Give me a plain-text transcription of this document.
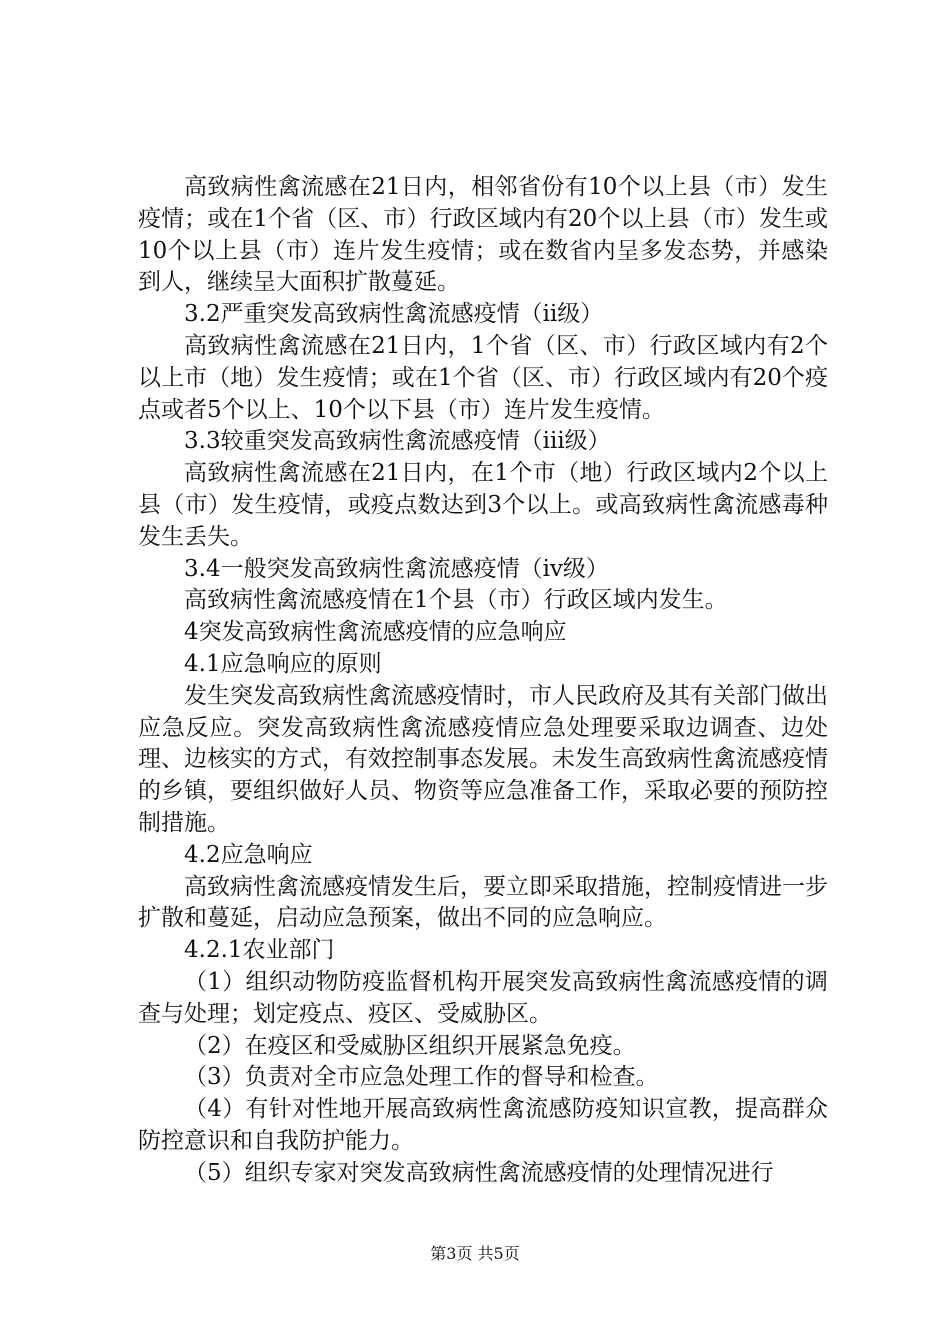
高致病性禽流感在21日内，相邻省份有10个以上县（市）发生疫情；或在1个省（区、市）行政区域内有20个以上县（市）发生或10个以上县（市）连片发生疫情；或在数省内呈多发态势，并感染到人，继续呈大面积扩散蔓延。

3.2严重突发高致病性禽流感疫情（ⅱ级）

高致病性禽流感在21日内，1个省（区、市）行政区域内有2个以上市（地）发生疫情；或在1个省（区、市）行政区域内有20个疫点或者5个以上、10个以下县（市）连片发生疫情。

3.3较重突发高致病性禽流感疫情（ⅲ级）

高致病性禽流感在21日内，在1个市（地）行政区域内2个以上县（市）发生疫情，或疫点数达到3个以上。或高致病性禽流感毒种发生丢失。

3.4一般突发高致病性禽流感疫情（ⅳ级）

高致病性禽流感疫情在1个县（市）行政区域内发生。

4突发高致病性禽流感疫情的应急响应

4.1应急响应的原则

发生突发高致病性禽流感疫情时，市人民政府及其有关部门做出应急反应。突发高致病性禽流感疫情应急处理要采取边调查、边处理、边核实的方式，有效控制事态发展。未发生高致病性禽流感疫情的乡镇，要组织做好人员、物资等应急准备工作，采取必要的预防控制措施。

4.2应急响应

高致病性禽流感疫情发生后，要立即采取措施，控制疫情进一步扩散和蔓延，启动应急预案，做出不同的应急响应。

4.2.1农业部门

（1）组织动物防疫监督机构开展突发高致病性禽流感疫情的调查与处理；划定疫点、疫区、受威胁区。

（2）在疫区和受威胁区组织开展紧急免疫。

（3）负责对全市应急处理工作的督导和检查。

（4）有针对性地开展高致病性禽流感防疫知识宣教，提高群众防控意识和自我防护能力。

（5）组织专家对突发高致病性禽流感疫情的处理情况进行

第3页 共5页
